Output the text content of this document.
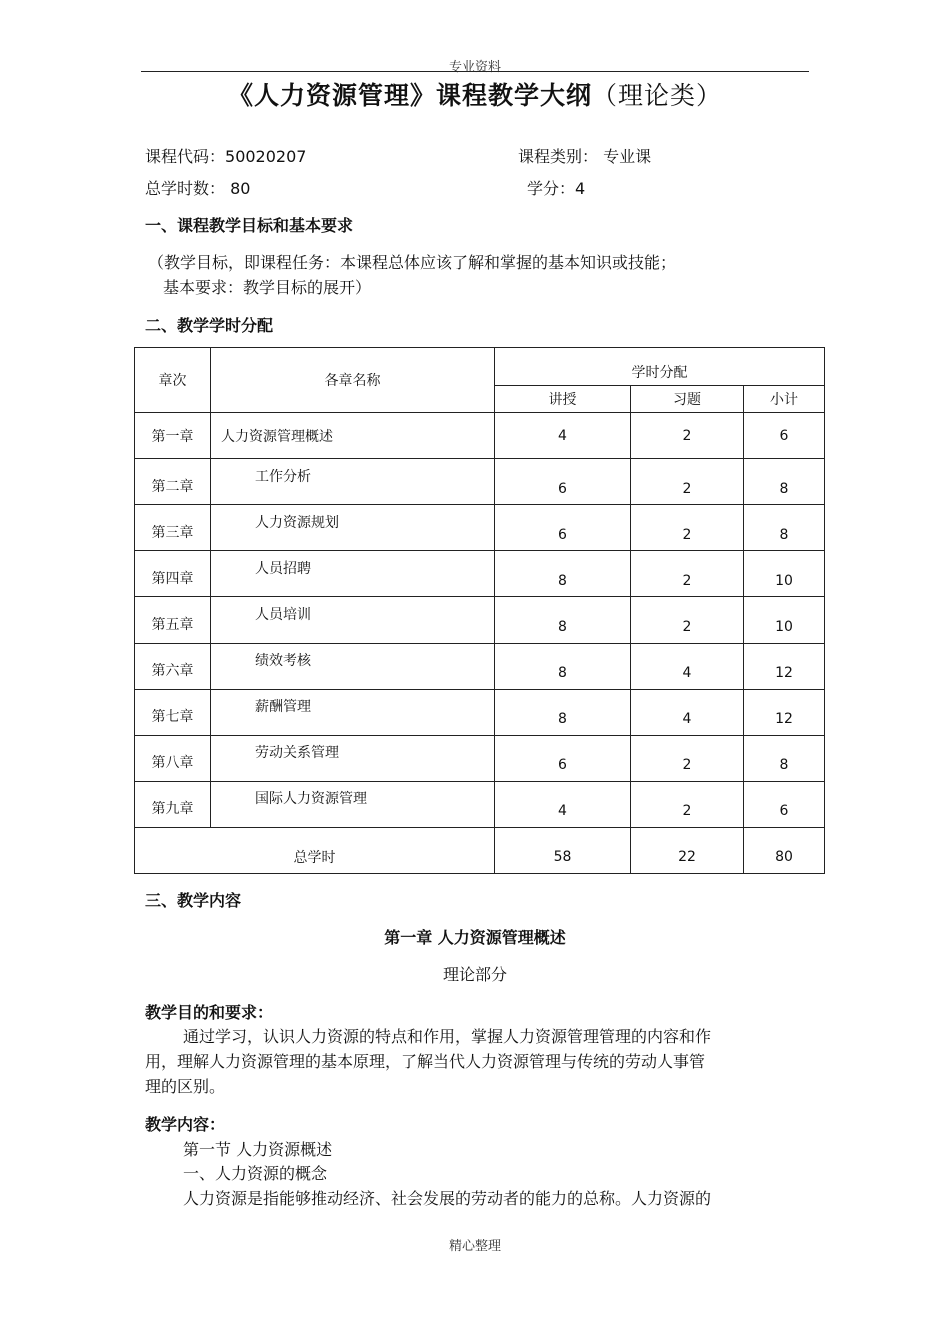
专业资料
《人力资源管理》课程教学大纲（理论类）
课程代码：50020207	课程类别： 专业课
总学时数： 80	学分：4
一、课程教学目标和基本要求
（教学目标，即课程任务：本课程总体应该了解和掌握的基本知识或技能；
基本要求：教学目标的展开）
二、教学学时分配
章次	各章名称	学时分配		
		讲授	习题	小计
第一章	人力资源管理概述	4	2	6
第二章	工作分析	6	2	8
第三章	人力资源规划	6	2	8
第四章	人员招聘	8	2	10
第五章	人员培训	8	2	10
第六章	绩效考核	8	4	12
第七章	薪酬管理	8	4	12
第八章	劳动关系管理	6	2	8
第九章	国际人力资源管理	4	2	6
总学时		58	22	80
三、教学内容
第一章 人力资源管理概述
理论部分
教学目的和要求：
通过学习，认识人力资源的特点和作用，掌握人力资源管理管理的内容和作
用，理解人力资源管理的基本原理，了解当代人力资源管理与传统的劳动人事管
理的区别。
教学内容：
第一节 人力资源概述
一、人力资源的概念
人力资源是指能够推动经济、社会发展的劳动者的能力的总称。人力资源的
精心整理
